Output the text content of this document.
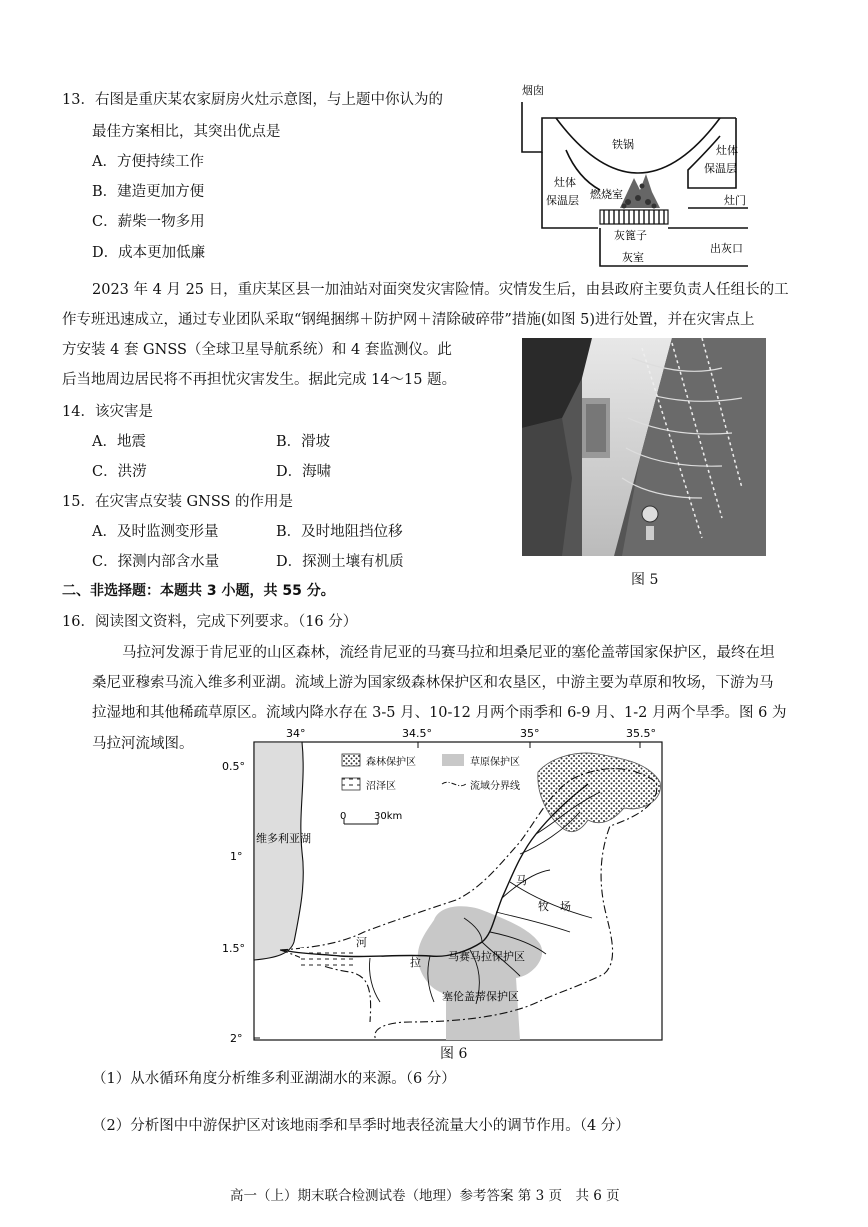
13．右图是重庆某农家厨房火灶示意图，与上题中你认为的
最佳方案相比，其突出优点是
A．方便持续工作
B．建造更加方便
C．薪柴一物多用
D．成本更加低廉
烟囱
铁锅	灶体
保温层
灶体
保温层 燃烧室	灶门
灰篦子
灰室
出灰口
2023 年 4 月 25 日，重庆某区县一加油站对面突发灾害险情。灾情发生后，由县政府主要负责人任组长的工
作专班迅速成立，通过专业团队采取“钢绳捆绑＋防护网＋清除破碎带”措施(如图 5)进行处置，并在灾害点上
方安装 4 套 GNSS（全球卫星导航系统）和 4 套监测仪。此
后当地周边居民将不再担忧灾害发生。据此完成 14～15 题。
14．该灾害是
A．地震	B．滑坡
C．洪涝	D．海啸
15．在灾害点安装 GNSS 的作用是
A．及时监测变形量	B．及时地阻挡位移
C．探测内部含水量	D．探测土壤有机质
图 5
二、非选择题：本题共 3 小题，共 55 分。
16．阅读图文资料，完成下列要求。（16 分）
马拉河发源于肯尼亚的山区森林，流经肯尼亚的马赛马拉和坦桑尼亚的塞伦盖蒂国家保护区，最终在坦
桑尼亚穆索马流入维多利亚湖。流域上游为国家级森林保护区和农垦区，中游主要为草原和牧场，下游为马
拉湿地和其他稀疏草原区。流域内降水存在 3-5 月、10-12 月两个雨季和 6-9 月、1-2 月两个旱季。图 6 为
马拉河流域图。
34°	34.5°	35°	35.5°
0.5°
1°
1.5°
2°
维多利亚湖
森林保护区	草原保护区
沼泽区	流域分界线
0	30km
马
河
拉
牧　场
马赛马拉保护区
塞伦盖蒂保护区
图 6
（1）从水循环角度分析维多利亚湖湖水的来源。（6 分）
（2）分析图中中游保护区对该地雨季和旱季时地表径流量大小的调节作用。（4 分）
高一（上）期末联合检测试卷（地理）参考答案 第 3 页　共 6 页
